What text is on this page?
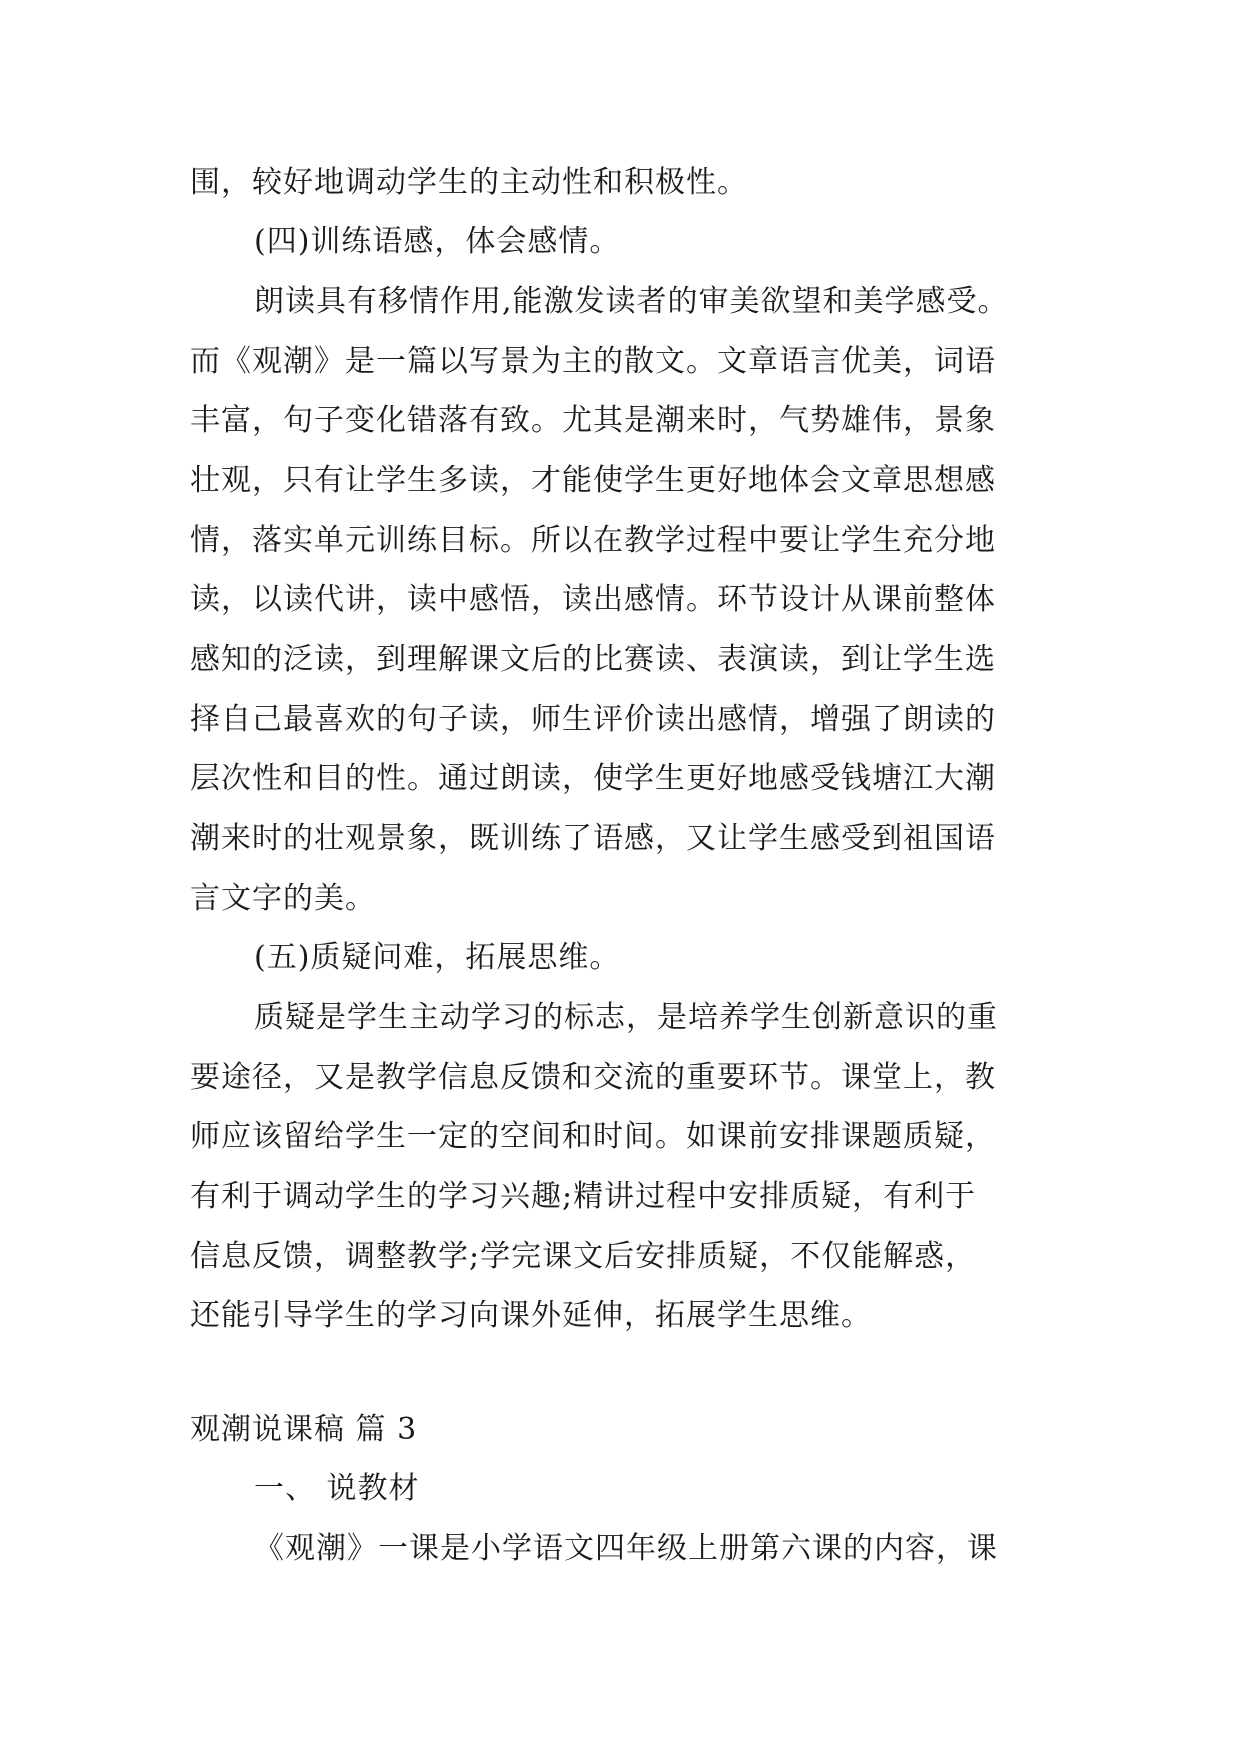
围，较好地调动学生的主动性和积极性。
(四)训练语感，体会感情。
朗读具有移情作用,能激发读者的审美欲望和美学感受。
而《观潮》是一篇以写景为主的散文。文章语言优美，词语
丰富，句子变化错落有致。尤其是潮来时，气势雄伟，景象
壮观，只有让学生多读，才能使学生更好地体会文章思想感
情，落实单元训练目标。所以在教学过程中要让学生充分地
读，以读代讲，读中感悟，读出感情。环节设计从课前整体
感知的泛读，到理解课文后的比赛读、表演读，到让学生选
择自己最喜欢的句子读，师生评价读出感情，增强了朗读的
层次性和目的性。通过朗读，使学生更好地感受钱塘江大潮
潮来时的壮观景象，既训练了语感，又让学生感受到祖国语
言文字的美。
(五)质疑问难，拓展思维。
质疑是学生主动学习的标志，是培养学生创新意识的重
要途径，又是教学信息反馈和交流的重要环节。课堂上，教
师应该留给学生一定的空间和时间。如课前安排课题质疑，
有利于调动学生的学习兴趣;精讲过程中安排质疑，有利于
信息反馈，调整教学;学完课文后安排质疑，不仅能解惑，
还能引导学生的学习向课外延伸，拓展学生思维。
观潮说课稿 篇 3
一、 说教材
《观潮》一课是小学语文四年级上册第六课的内容，课
